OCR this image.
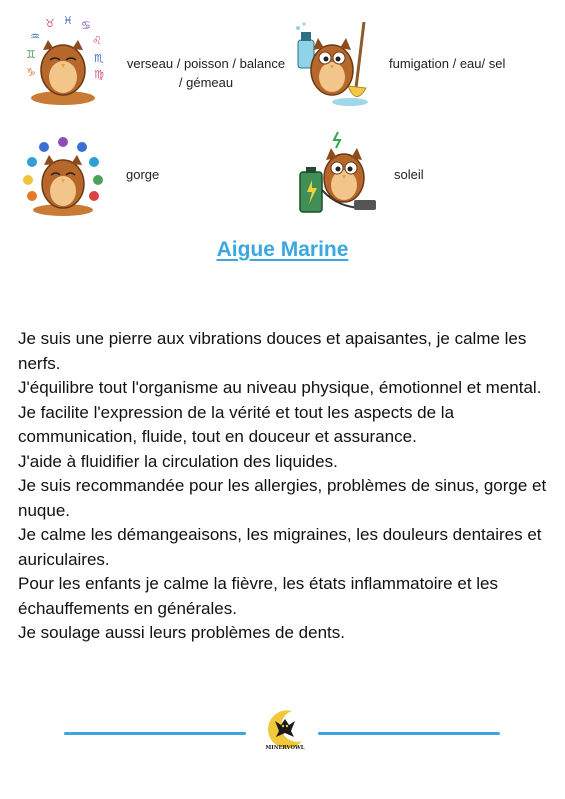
♒
♉ ♓ ♋
♌
♏
♊
♑	♍
verseau / poisson / balance
/ gémeau
fumigation / eau/ sel
gorge	soleil
Aigue Marine

Je suis une pierre aux vibrations douces et apaisantes, je calme les nerfs.

J'équilibre tout l'organisme au niveau physique, émotionnel et mental.

Je facilite l'expression de la vérité et tout les aspects de la communication, fluide, tout en douceur et assurance.

J'aide à fluidifier la circulation des liquides.

Je suis recommandée pour les allergies, problèmes de sinus, gorge et nuque.

Je calme les démangeaisons, les migraines, les douleurs dentaires et auriculaires.

Pour les enfants je calme la fièvre, les états inflammatoire et les échauffements en générales.

Je soulage aussi leurs problèmes de dents.

MINERVOWL
